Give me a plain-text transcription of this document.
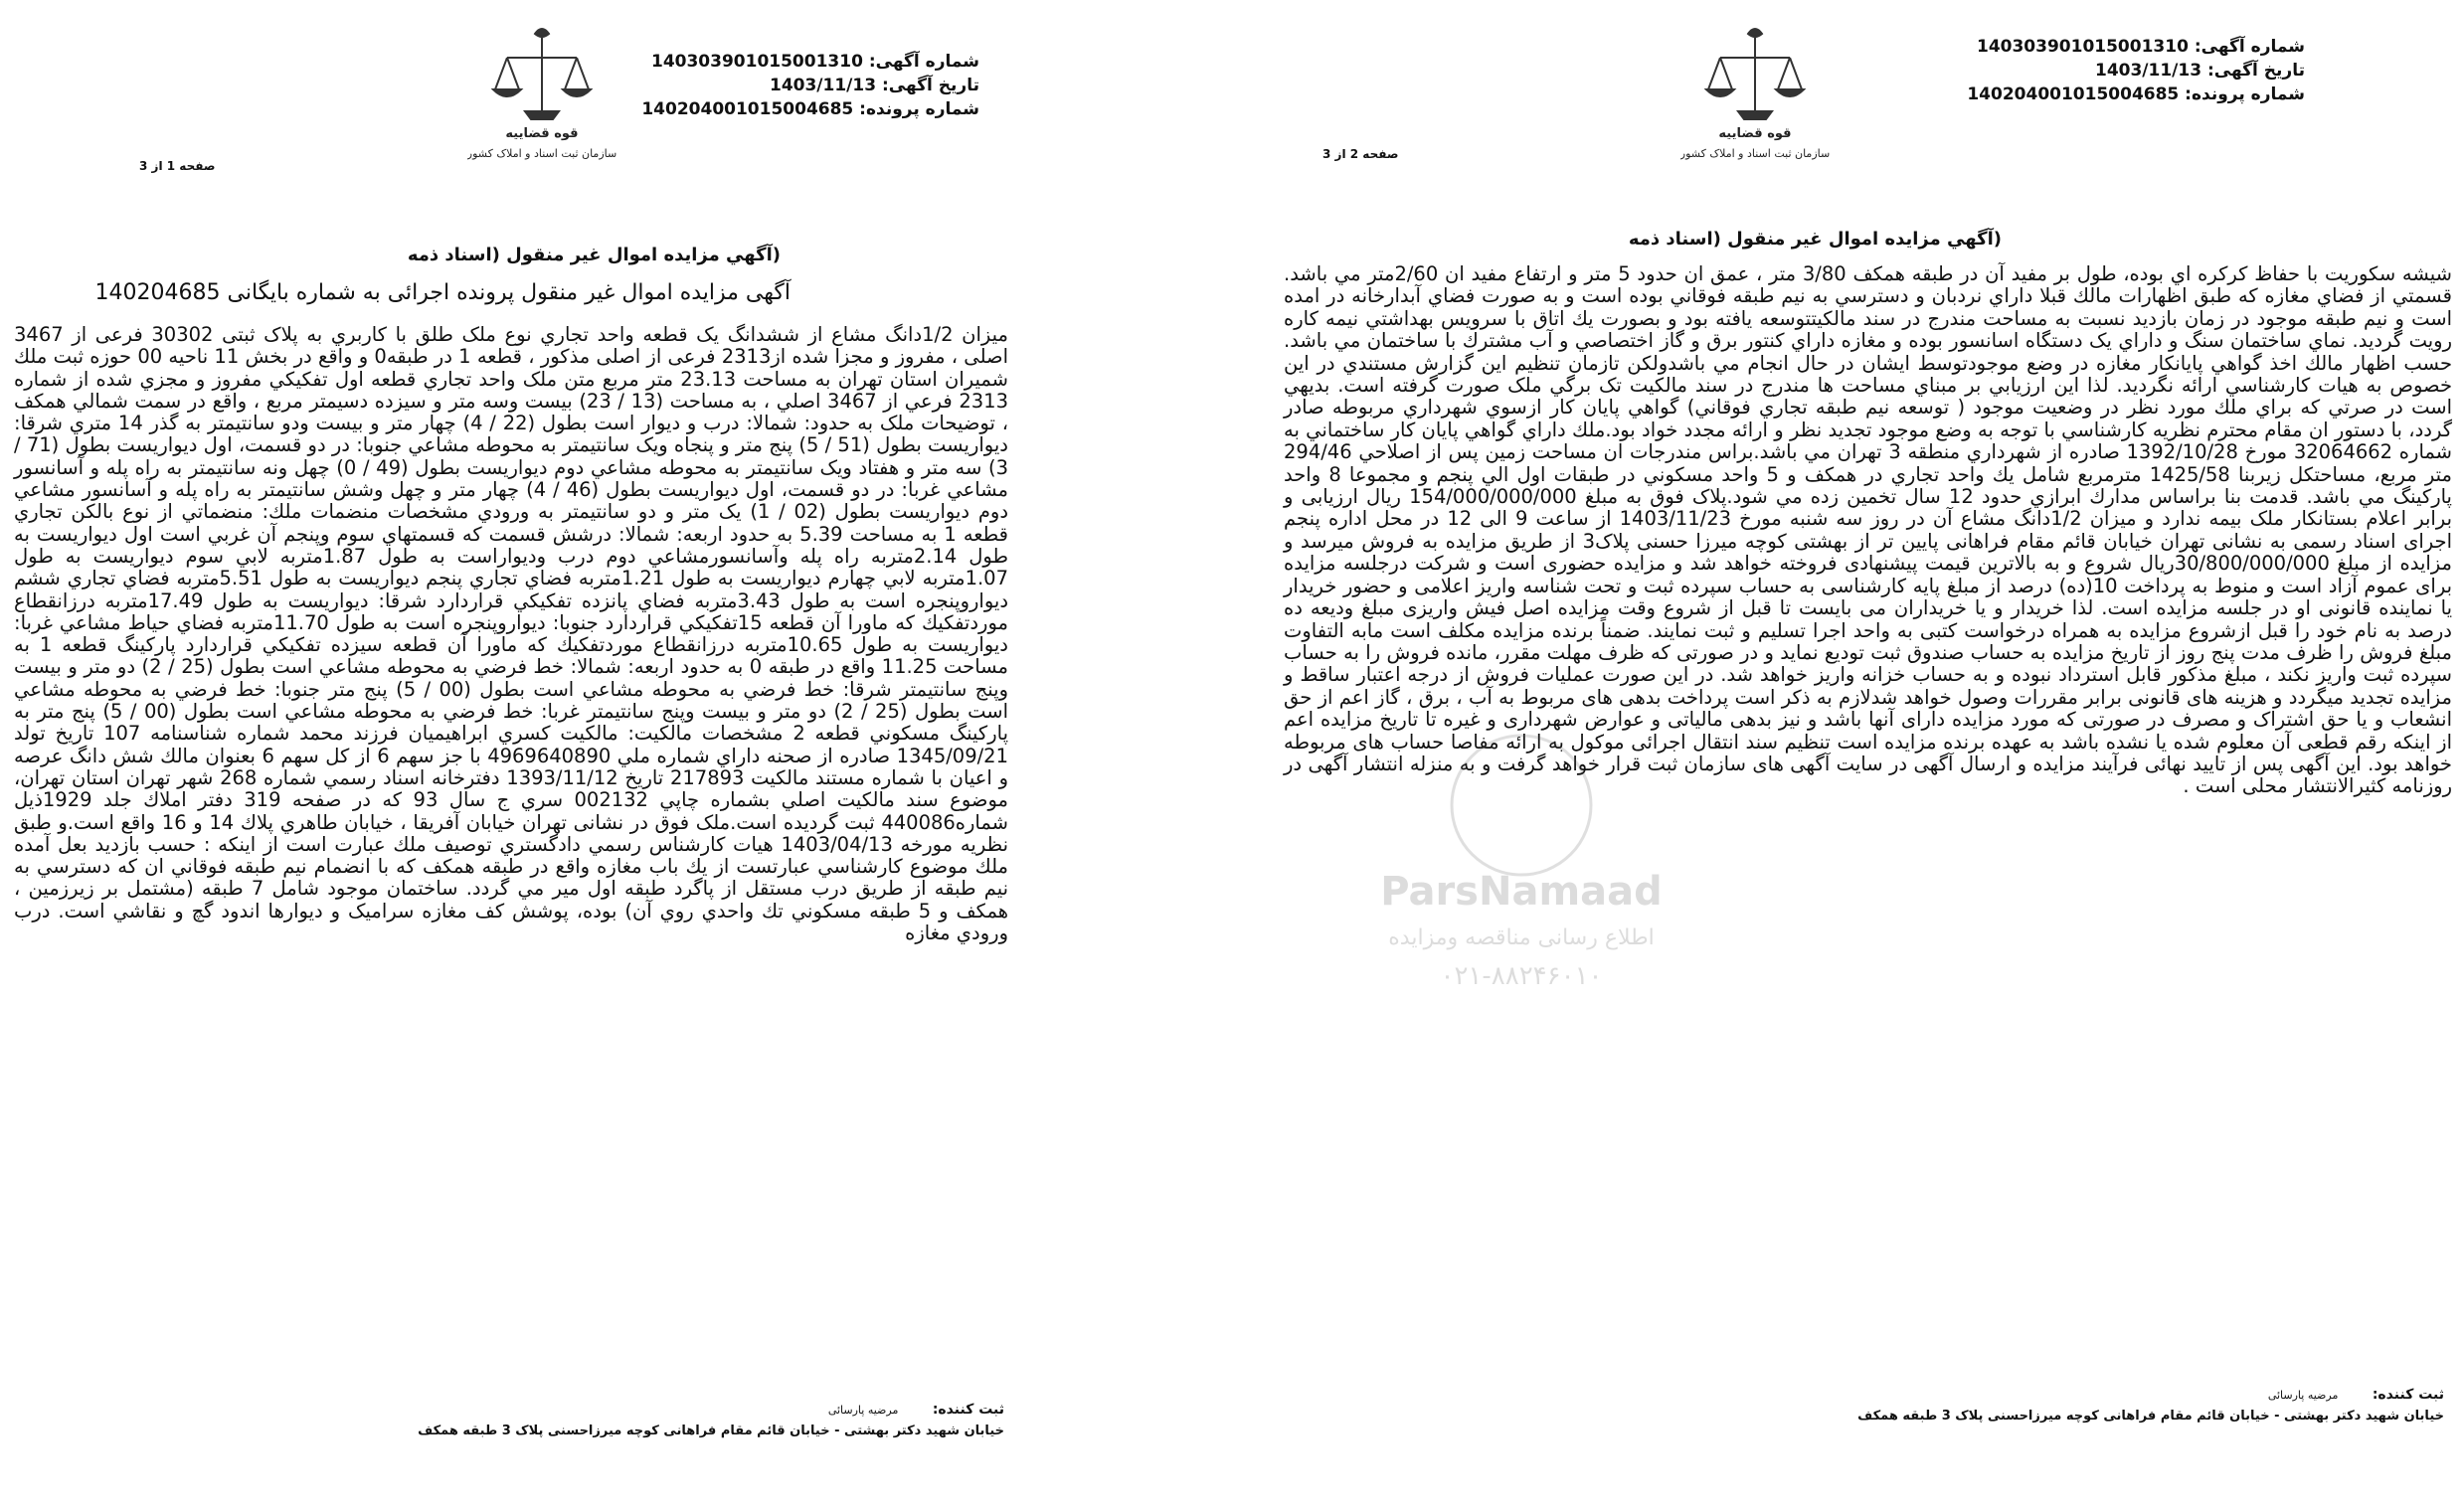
قوه قضاییه
سازمان ثبت اسناد و املاک کشور
شماره آگهی: 140303901015001310
تاریخ آگهی: 1403/11/13
شماره پرونده: 140204001015004685
صفحه 1 از 3
(آگهي مزايده اموال غير منقول (اسناد ذمه
آگهی مزایده اموال غیر منقول پرونده اجرائی به شماره بایگانی 140204685
میزان 1/2دانگ مشاع از ششدانگ یک قطعه واحد تجاري نوع ملک طلق با کاربري به پلاک ثبتی 30302 فرعی از 3467 اصلی ، مفروز و مجزا شده از2313 فرعی از اصلی مذکور ، قطعه 1 در طبقه0 و واقع در بخش 11 ناحیه 00 حوزه ثبت ملك شميران استان تهران به مساحت 23.13 متر مربع متن ملک واحد تجاري قطعه اول تفکیکي مفروز و مجزي شده از شماره 2313 فرعي از 3467 اصلي ، به مساحت (13 / 23) بيست وسه متر و سيزده دسيمتر مربع ، واقع در سمت شمالي همکف ، توضيحات ملک به حدود: شمالا: درب و ديوار است بطول (22 / 4) چهار متر و بيست ودو سانتيمتر به گذر 14 متري شرقا: ديواريست بطول (51 / 5) پنج متر و پنجاه ويک سانتيمتر به محوطه مشاعي جنوبا: در دو قسمت، اول ديواريست بطول (71 / 3) سه متر و هفتاد ويک سانتيمتر به محوطه مشاعي دوم ديواريست بطول (49 / 0) چهل ونه سانتيمتر به راه پله و آسانسور مشاعي غربا: در دو قسمت، اول ديواريست بطول (46 / 4) چهار متر و چهل وشش سانتيمتر به راه پله و آسانسور مشاعي دوم ديواريست بطول (02 / 1) يک متر و دو سانتيمتر به ورودي مشخصات منضمات ملك: منضماتي از نوع بالكن تجاري قطعه 1 به مساحت 5.39 به حدود اربعه: شمالا: درشش قسمت كه قسمتهاي سوم وپنجم آن غربي است اول ديواريست به طول 2.14متربه راه پله وآسانسورمشاعي دوم درب وديواراست به طول 1.87متربه لابي سوم ديواريست به طول 1.07متربه لابي چهارم ديواريست به طول 1.21متربه فضاي تجاري پنجم ديواريست به طول 5.51متربه فضاي تجاري ششم ديواروپنجره است به طول 3.43متربه فضاي پانزده تفكيكي قراردارد شرقا: ديواريست به طول 17.49متربه درزانقطاع موردتفكيك كه ماورا آن قطعه 15تفكيكي قراردارد جنوبا: ديواروپنجره است به طول 11.70متربه فضاي حياط مشاعي غربا: ديواريست به طول 10.65متربه درزانقطاع موردتفكيك كه ماورا آن قطعه سيزده تفكيكي قراردارد پاركينگ قطعه 1 به مساحت 11.25 واقع در طبقه 0 به حدود اربعه: شمالا: خط فرضي به محوطه مشاعي است بطول (25 / 2) دو متر و بيست وپنج سانتيمتر شرقا: خط فرضي به محوطه مشاعي است بطول (00 / 5) پنج متر جنوبا: خط فرضي به محوطه مشاعي است بطول (25 / 2) دو متر و بيست وپنج سانتيمتر غربا: خط فرضي به محوطه مشاعي است بطول (00 / 5) پنج متر به پارکينگ مسکوني قطعه 2 مشخصات مالکیت: مالكيت كسري ابراهيميان فرزند محمد شماره شناسنامه 107 تاريخ تولد 1345/09/21 صادره از صحنه داراي شماره ملي 4969640890 با جز سهم 6 از كل سهم 6 بعنوان مالك شش دانگ عرصه و اعيان با شماره مستند مالكيت 217893 تاريخ 1393/11/12 دفترخانه اسناد رسمي شماره 268 شهر تهران استان تهران، موضوع سند مالكيت اصلي بشماره چاپي 002132 سري ج سال 93 كه در صفحه 319 دفتر املاك جلد 1929ذيل شماره440086 ثبت گرديده است.ملک فوق در نشانی تهران خیابان آفریقا ، خیابان طاهري پلاك 14 و 16 واقع است.و طبق نظريه مورخه 1403/04/13 هيات كارشناس رسمي دادگستري توصيف ملك عبارت است از اينكه : حسب بازديد بعل آمده ملك موضوع كارشناسي عبارتست از يك باب مغازه واقع در طبقه همكف كه با انضمام نيم طبقه فوقاني ان كه دسترسي به نيم طبقه از طريق درب مستقل از پاگرد طبقه اول مير مي گردد. ساختمان موجود شامل 7 طبقه (مشتمل بر زيرزمين ، همكف و 5 طبقه مسكوني تك واحدي روي آن) بوده، پوشش كف مغازه سراميک و ديوارها اندود گچ و نقاشي است. درب ورودي مغازه
ثبت کننده: مرضیه پارسائی
خیابان شهید دکتر بهشتی - خیابان قائم مقام فراهانی کوچه میرزاحسنی پلاک 3 طبقه همکف
قوه قضاییه
سازمان ثبت اسناد و املاک کشور
شماره آگهی: 140303901015001310
تاریخ آگهی: 1403/11/13
شماره پرونده: 140204001015004685
صفحه 2 از 3
(آگهي مزايده اموال غير منقول (اسناد ذمه
شيشه سكوريت با حفاظ كركره اي بوده، طول بر مفيد آن در طبقه همكف 3/80 متر ، عمق ان حدود 5 متر و ارتفاع مفيد ان 2/60متر مي باشد. قسمتي از فضاي مغازه كه طبق اظهارات مالك قبلا داراي نردبان و دسترسي به نيم طبقه فوقاني بوده است و به صورت فضاي آبدارخانه در امده است و نيم طبقه موجود در زمان بازديد نسبت به مساحت مندرج در سند مالكيتتوسعه يافته بود و بصورت يك اتاق با سرويس بهداشتي نيمه كاره رويت گرديد. نماي ساختمان سنگ و داراي يک دستگاه اسانسور بوده و مغازه داراي كنتور برق و گاز اختصاصي و آب مشترك با ساختمان مي باشد. حسب اظهار مالك اخذ گواهي پايانكار مغازه در وضع موجودتوسط ايشان در حال انجام مي باشدولكن تازمان تنظيم اين گزارش مستندي در اين خصوص به هيات كارشناسي ارائه نگرديد. لذا اين ارزيابي بر مبناي مساحت ها مندرج در سند مالكيت تک برگي ملک صورت گرفته است. بديهي است در صرتي كه براي ملك مورد نظر در وضعيت موجود ( توسعه نيم طبقه تجاري فوقاني) گواهي پايان كار ازسوي شهرداري مربوطه صادر گردد، با دستور ان مقام محترم نظريه كارشناسي با توجه به وضع موجود تجديد نظر و ارائه مجدد خواد بود.ملك داراي گواهي پايان كار ساختماني به شماره 32064662 مورخ 1392/10/28 صادره از شهرداري منطقه 3 تهران مي باشد.براس مندرجات ان مساحت زمين پس از اصلاحي 294/46 متر مربع، مساحتكل زيربنا 1425/58 مترمربع شامل يك واحد تجاري در همكف و 5 واحد مسكوني در طبقات اول الي پنجم و مجموعا 8 واحد پاركينگ مي باشد. قدمت بنا براساس مدارك ابرازي حدود 12 سال تخمين زده مي شود.پلاک فوق به مبلغ 154/000/000/000 ریال ارزیابی و برابر اعلام بستانکار ملک بیمه ندارد و میزان 1/2دانگ مشاع آن در روز سه شنبه مورخ 1403/11/23 از ساعت 9 الی 12 در محل اداره پنجم اجرای اسناد رسمی به نشانی تهران خیابان قائم مقام فراهانی پایین تر از بهشتی کوچه میرزا حسنی پلاک3 از طریق مزایده به فروش میرسد و مزایده از مبلغ 30/800/000/000ریال شروع و به بالاترین قیمت پیشنهادی فروخته خواهد شد و مزایده حضوری است و شرکت درجلسه مزایده برای عموم آزاد است و منوط به پرداخت 10(ده) درصد از مبلغ پایه کارشناسی به حساب سپرده ثبت و تحت شناسه واریز اعلامی و حضور خریدار یا نماینده قانونی او در جلسه مزایده است. لذا خریدار و یا خریداران می بایست تا قبل از شروع وقت مزایده اصل فیش واریزی مبلغ ودیعه ده درصد به نام خود را قبل ازشروع مزایده به همراه درخواست کتبی به واحد اجرا تسلیم و ثبت نمایند. ضمناً برنده مزایده مکلف است مابه التفاوت مبلغ فروش را ظرف مدت پنج روز از تاریخ مزایده به حساب صندوق ثبت تودیع نماید و در صورتی که ظرف مهلت مقرر، مانده فروش را به حساب سپرده ثبت واریز نکند ، مبلغ مذکور قابل استرداد نبوده و به حساب خزانه واریز خواهد شد. در این صورت عملیات فروش از درجه اعتبار ساقط و مزایده تجدید میگردد و هزینه های قانونی برابر مقررات وصول خواهد شدلازم به ذکر است پرداخت بدهی های مربوط به آب ، برق ، گاز اعم از حق انشعاب و یا حق اشتراک و مصرف در صورتی که مورد مزایده دارای آنها باشد و نیز بدهی مالیاتی و عوارض شهرداری و غیره تا تاریخ مزایده اعم از اینکه رقم قطعی آن معلوم شده یا نشده باشد به عهده برنده مزایده است تنظیم سند انتقال اجرائی موکول به ارائه مفاصا حساب های مربوطه خواهد بود. این آگهی پس از تایید نهائی فرآیند مزایده و ارسال آگهی در سایت آگهی های سازمان ثبت قرار خواهد گرفت و به منزله انتشار آگهی در روزنامه کثیرالانتشار محلی است .
ثبت کننده: مرضیه پارسائی
خیابان شهید دکتر بهشتی - خیابان قائم مقام فراهانی کوچه میرزاحسنی پلاک 3 طبقه همکف
ParsNamaad
اطلاع رسانی مناقصه ومزایده
۰۲۱-۸۸۲۴۶۰۱۰
